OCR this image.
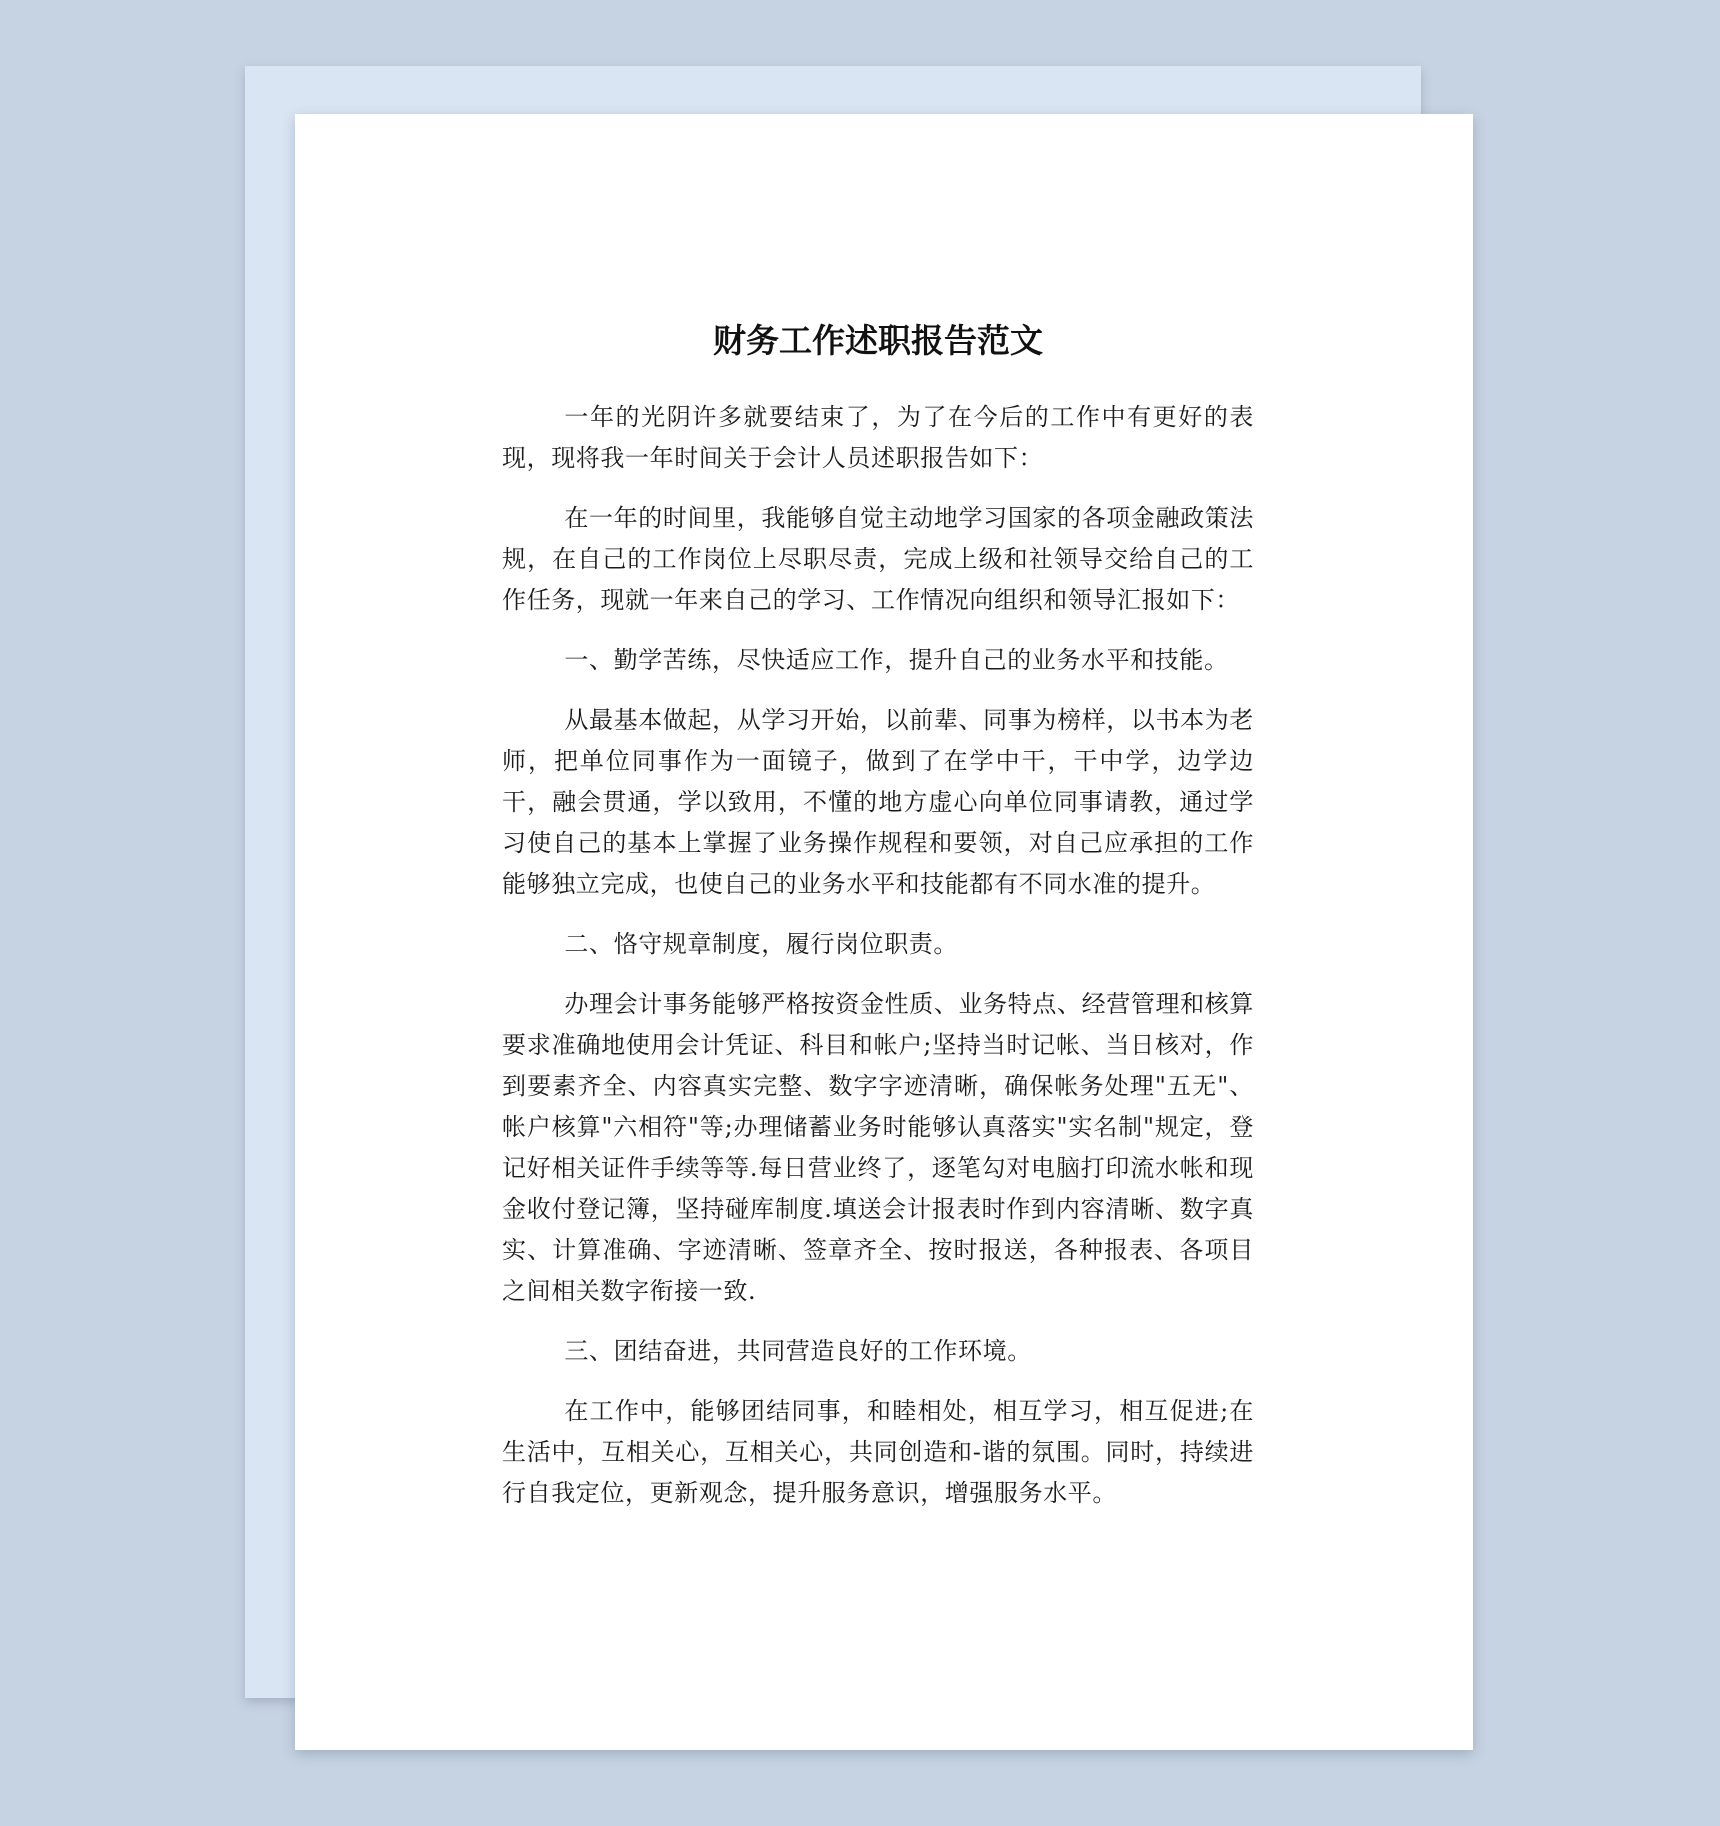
财务工作述职报告范文

一年的光阴许多就要结束了，为了在今后的工作中有更好的表现，现将我一年时间关于会计人员述职报告如下：

在一年的时间里，我能够自觉主动地学习国家的各项金融政策法规，在自己的工作岗位上尽职尽责，完成上级和社领导交给自己的工作任务，现就一年来自己的学习、工作情况向组织和领导汇报如下：

一、勤学苦练，尽快适应工作，提升自己的业务水平和技能。

从最基本做起，从学习开始，以前辈、同事为榜样，以书本为老师，把单位同事作为一面镜子，做到了在学中干，干中学，边学边干，融会贯通，学以致用，不懂的地方虚心向单位同事请教，通过学习使自己的基本上掌握了业务操作规程和要领，对自己应承担的工作能够独立完成，也使自己的业务水平和技能都有不同水准的提升。

二、恪守规章制度，履行岗位职责。

办理会计事务能够严格按资金性质、业务特点、经营管理和核算要求准确地使用会计凭证、科目和帐户;坚持当时记帐、当日核对，作到要素齐全、内容真实完整、数字字迹清晰，确保帐务处理"五无"、帐户核算"六相符"等;办理储蓄业务时能够认真落实"实名制"规定，登记好相关证件手续等等.每日营业终了，逐笔勾对电脑打印流水帐和现金收付登记簿，坚持碰库制度.填送会计报表时作到内容清晰、数字真实、计算准确、字迹清晰、签章齐全、按时报送，各种报表、各项目之间相关数字衔接一致.

三、团结奋进，共同营造良好的工作环境。

在工作中，能够团结同事，和睦相处，相互学习，相互促进;在生活中，互相关心，互相关心，共同创造和-谐的氛围。同时，持续进行自我定位，更新观念，提升服务意识，增强服务水平。
